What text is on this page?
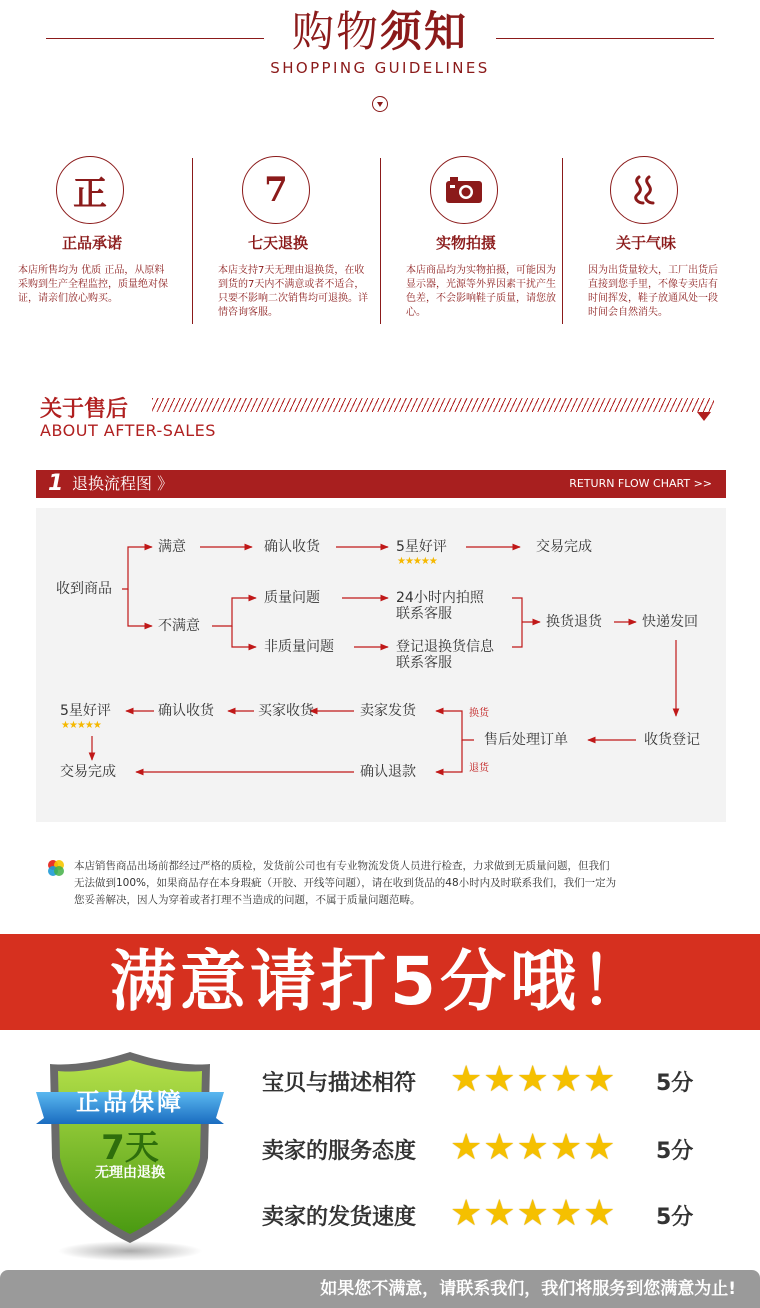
购物须知
SHOPPING GUIDELINES
正
正品承诺
本店所售均为 优质 正品，从原料采购到生产全程监控，质量绝对保证，请亲们放心购买。
7
七天退换
本店支持7天无理由退换货，在收到货的7天内不满意或者不适合，只要不影响二次销售均可退换。详情咨询客服。
实物拍摄
本店商品均为实物拍摄，可能因为显示器，光源等外界因素干扰产生色差，不会影响鞋子质量，请您放心。
关于气味
因为出货量较大，工厂出货后直接到您手里，不像专卖店有时间挥发，鞋子放通风处一段时间会自然消失。
关于售后
ABOUT AFTER-SALES
1 退换流程图 》	RETURN FLOW CHART >>
收到商品
满意	确认收货	5星好评
★★★★★
交易完成
不满意
质量问题
非质量问题
24小时内拍照
联系客服
登记退换货信息
联系客服
换货退货	快递发回
收货登记
售后处理订单
换货
退货
卖家发货
买家收货
确认收货
5星好评
★★★★★
交易完成	确认退款
本店销售商品出场前都经过严格的质检，发货前公司也有专业物流发货人员进行检查，力求做到无质量问题，但我们
无法做到100%，如果商品存在本身瑕疵（开胶、开线等问题），请在收到货品的48小时内及时联系我们，我们一定为
您妥善解决，因人为穿着或者打理不当造成的问题，不属于质量问题范畴。
满意请打5分哦！
正品保障
7天
无理由退换
宝贝与描述相符 ★★★★★ 5分
卖家的服务态度 ★★★★★ 5分
卖家的发货速度 ★★★★★ 5分
如果您不满意，请联系我们，我们将服务到您满意为止!
